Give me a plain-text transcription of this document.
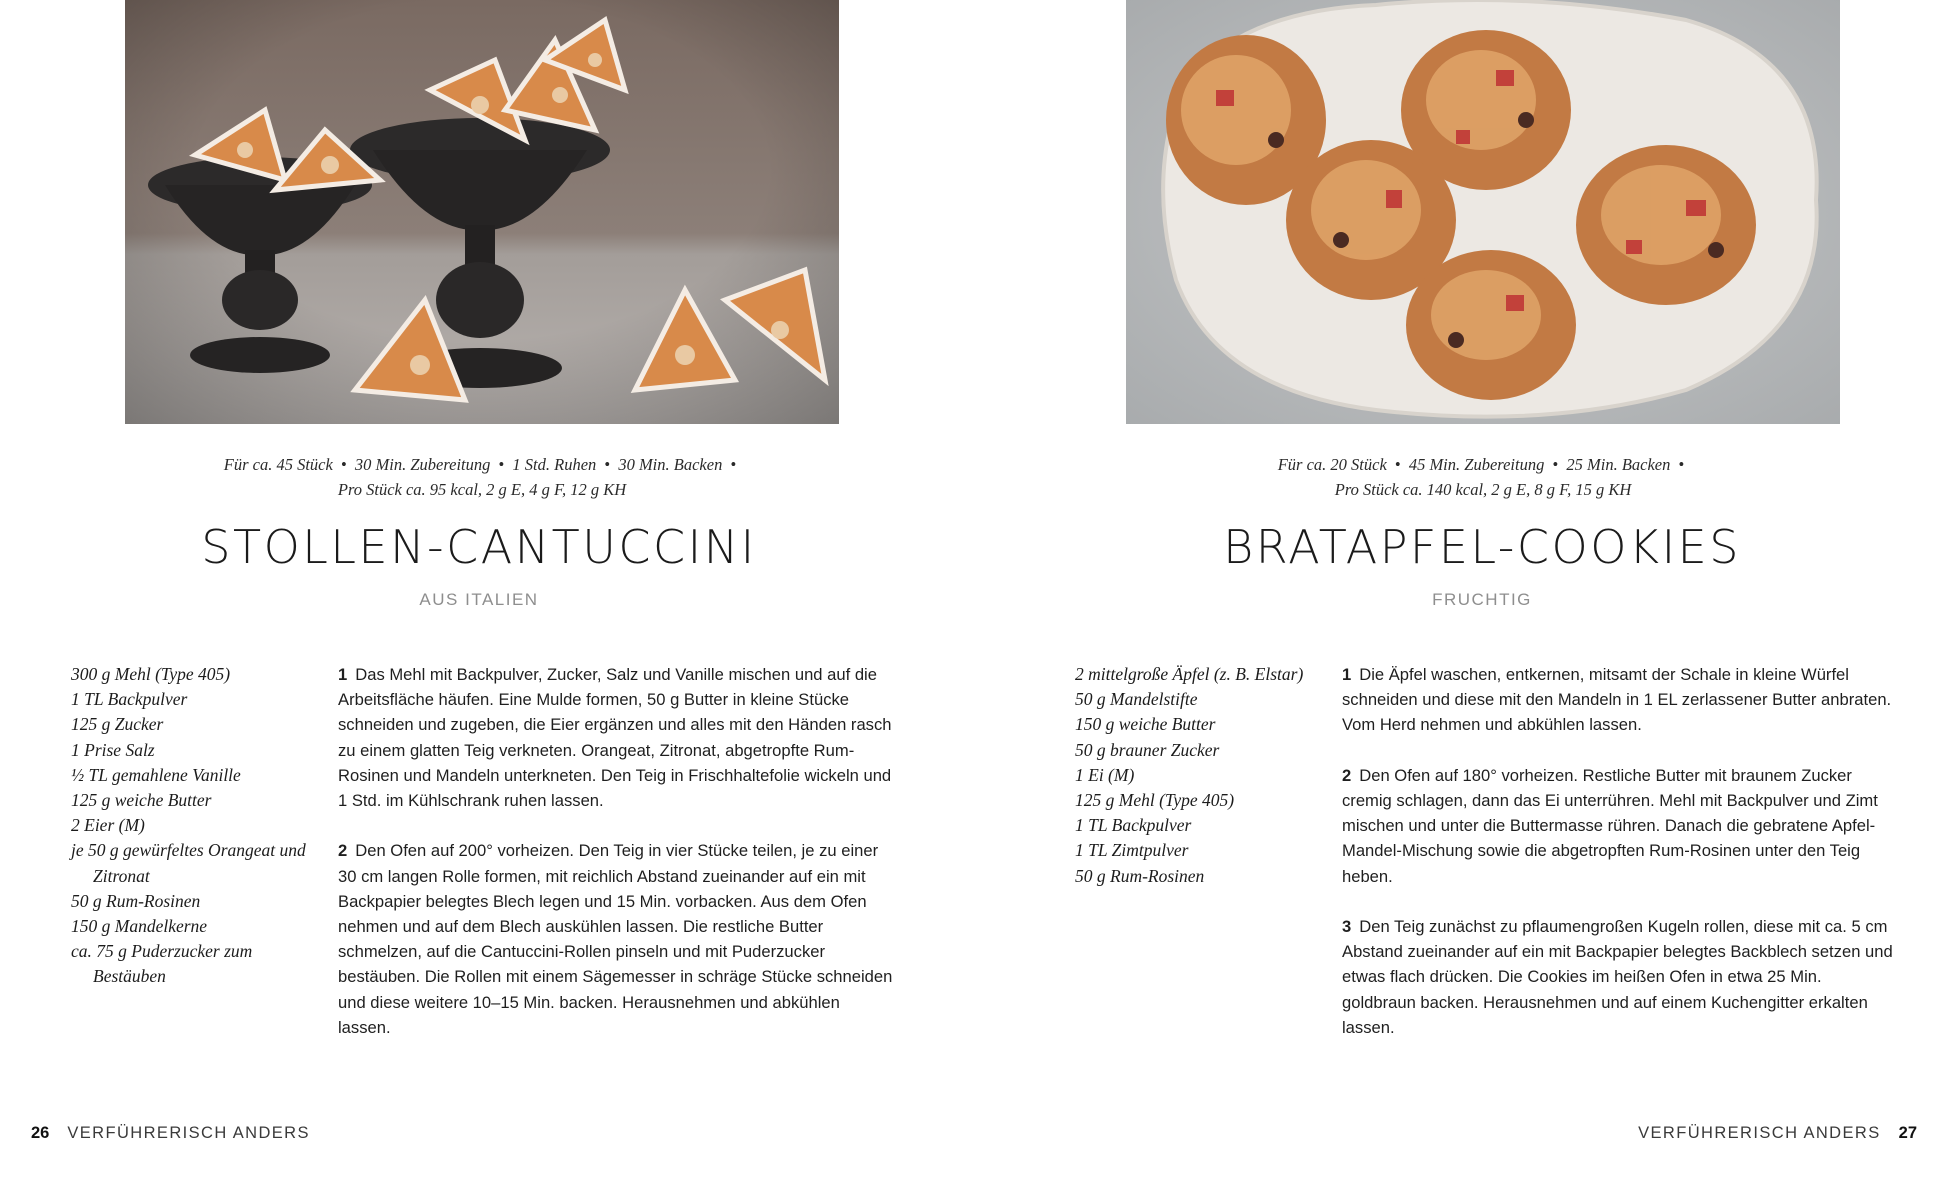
Für ca. 45 Stück • 30 Min. Zubereitung • 1 Std. Ruhen • 30 Min. Backen •
Pro Stück ca. 95 kcal, 2 g E, 4 g F, 12 g KH
STOLLEN-CANTUCCINI
AUS ITALIEN
300 g Mehl (Type 405)
1 TL Backpulver
125 g Zucker
1 Prise Salz
½ TL gemahlene Vanille
125 g weiche Butter
2 Eier (M)
je 50 g gewürfeltes Orangeat und Zitronat
50 g Rum-Rosinen
150 g Mandelkerne
ca. 75 g Puderzucker zum Bestäuben

1 Das Mehl mit Backpulver, Zucker, Salz und Vanille mischen und auf die Arbeitsfläche häufen. Eine Mulde formen, 50 g Butter in kleine Stücke schneiden und zugeben, die Eier ergänzen und alles mit den Händen rasch zu einem glatten Teig verkneten. Orangeat, Zitronat, abgetropfte Rum-Rosinen und Mandeln unterkneten. Den Teig in Frischhaltefolie wickeln und 1 Std. im Kühlschrank ruhen lassen.

2 Den Ofen auf 200° vorheizen. Den Teig in vier Stücke teilen, je zu einer 30 cm langen Rolle formen, mit reichlich Abstand zueinander auf ein mit Backpapier belegtes Blech legen und 15 Min. vorbacken. Aus dem Ofen nehmen und auf dem Blech auskühlen lassen. Die restliche Butter schmelzen, auf die Cantuccini-Rollen pinseln und mit Puderzucker bestäuben. Die Rollen mit einem Sägemesser in schräge Stücke schneiden und diese weitere 10–15 Min. backen. Herausnehmen und abkühlen lassen.

26 VERFÜHRERISCH ANDERS
Für ca. 20 Stück • 45 Min. Zubereitung • 25 Min. Backen •
Pro Stück ca. 140 kcal, 2 g E, 8 g F, 15 g KH
BRATAPFEL-COOKIES
FRUCHTIG
2 mittelgroße Äpfel (z. B. Elstar)
50 g Mandelstifte
150 g weiche Butter
50 g brauner Zucker
1 Ei (M)
125 g Mehl (Type 405)
1 TL Backpulver
1 TL Zimtpulver
50 g Rum-Rosinen

1 Die Äpfel waschen, entkernen, mitsamt der Schale in kleine Würfel schneiden und diese mit den Mandeln in 1 EL zerlassener Butter anbraten. Vom Herd nehmen und abkühlen lassen.

2 Den Ofen auf 180° vorheizen. Restliche Butter mit braunem Zucker cremig schlagen, dann das Ei unterrühren. Mehl mit Backpulver und Zimt mischen und unter die Buttermasse rühren. Danach die gebratene Apfel-Mandel-Mischung sowie die abgetropften Rum-Rosinen unter den Teig heben.

3 Den Teig zunächst zu pflaumengroßen Kugeln rollen, diese mit ca. 5 cm Abstand zueinander auf ein mit Backpapier belegtes Backblech setzen und etwas flach drücken. Die Cookies im heißen Ofen in etwa 25 Min. goldbraun backen. Herausnehmen und auf einem Kuchengitter erkalten lassen.

VERFÜHRERISCH ANDERS 27
